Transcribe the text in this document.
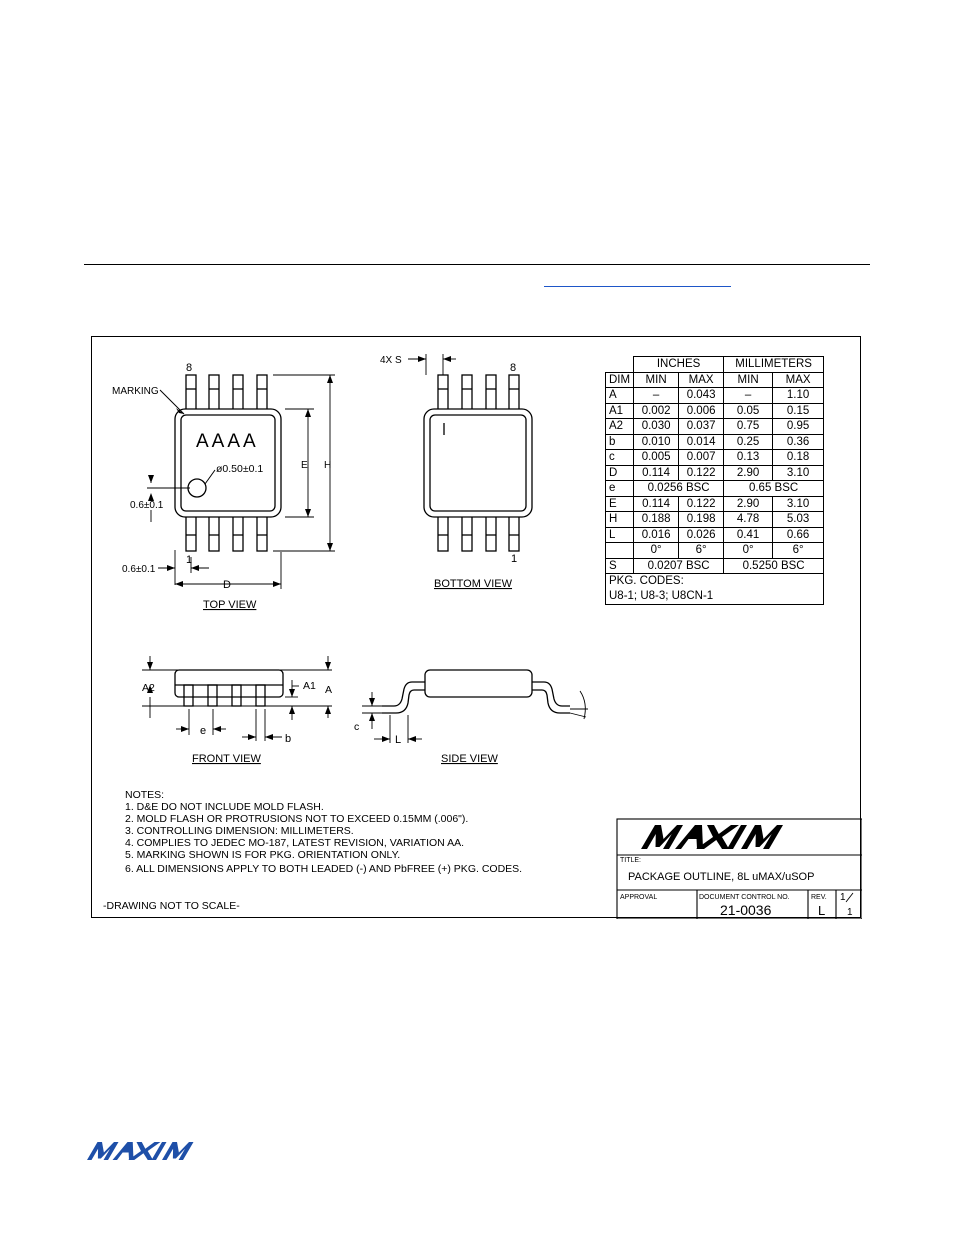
8
MARKING
AAAA
ø0.50±0.1
0.6±0.1
1
0.6±0.1
E H
D
TOP VIEW
4X S
8
1
BOTTOM VIEW
A2	A1 A
e
b
FRONT VIEW
c
L
SIDE VIEW
NOTES:
1. D&E DO NOT INCLUDE MOLD FLASH.
2. MOLD FLASH OR PROTRUSIONS NOT TO EXCEED 0.15MM (.006").
3. CONTROLLING DIMENSION: MILLIMETERS.
4. COMPLIES TO JEDEC MO-187, LATEST REVISION, VARIATION AA.
5. MARKING SHOWN IS FOR PKG. ORIENTATION ONLY.
6. ALL DIMENSIONS APPLY TO BOTH LEADED (-) AND PbFREE (+) PKG. CODES.
-DRAWING NOT TO SCALE-
TITLE:
PACKAGE OUTLINE, 8L uMAX/uSOP
APPROVAL	DOCUMENT CONTROL NO.
21-0036
REV.
L
1
1
	INCHES		MILLIMETERS	
DIM	MIN	MAX	MIN	MAX
A	–	0.043	–	1.10
A1	0.002	0.006	0.05	0.15
A2	0.030	0.037	0.75	0.95
b	0.010	0.014	0.25	0.36
c	0.005	0.007	0.13	0.18
D	0.114	0.122	2.90	3.10
e	0.0256 BSC		0.65 BSC	
E	0.114	0.122	2.90	3.10
H	0.188	0.198	4.78	5.03
L	0.016	0.026	0.41	0.66
	0°	6°	0°	6°
S	0.0207 BSC		0.5250 BSC	

PKG. CODES:
U8-1; U8-3; U8CN-1				
